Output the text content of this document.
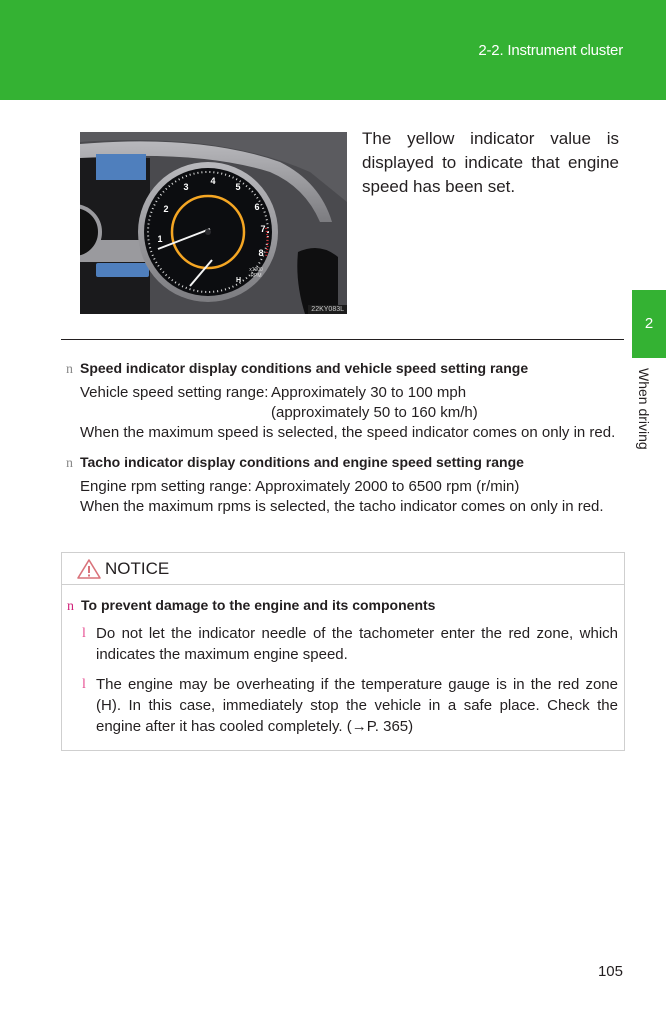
2-2. Instrument cluster
2
When driving
1
2
3
4
5
6
7
8
x1000
RPM
H
22KY083L
The yellow indicator value is displayed to indicate that engine speed has been set.
n Speed indicator display conditions and vehicle speed setting range
Vehicle speed setting range: Approximately 30 to 100 mph
(approximately 50 to 160 km/h)
When the maximum speed is selected, the speed indicator comes on only in red.
n Tacho indicator display conditions and engine speed setting range
Engine rpm setting range: Approximately 2000 to 6500 rpm (r/min)
When the maximum rpms is selected, the tacho indicator comes on only in red.
NOTICE
n To prevent damage to the engine and its components
l Do not let the indicator needle of the tachometer enter the red zone, which indicates the maximum engine speed.
l The engine may be overheating if the temperature gauge is in the red zone (H). In this case, immediately stop the vehicle in a safe place. Check the engine after it has cooled completely. (→P. 365)
105
